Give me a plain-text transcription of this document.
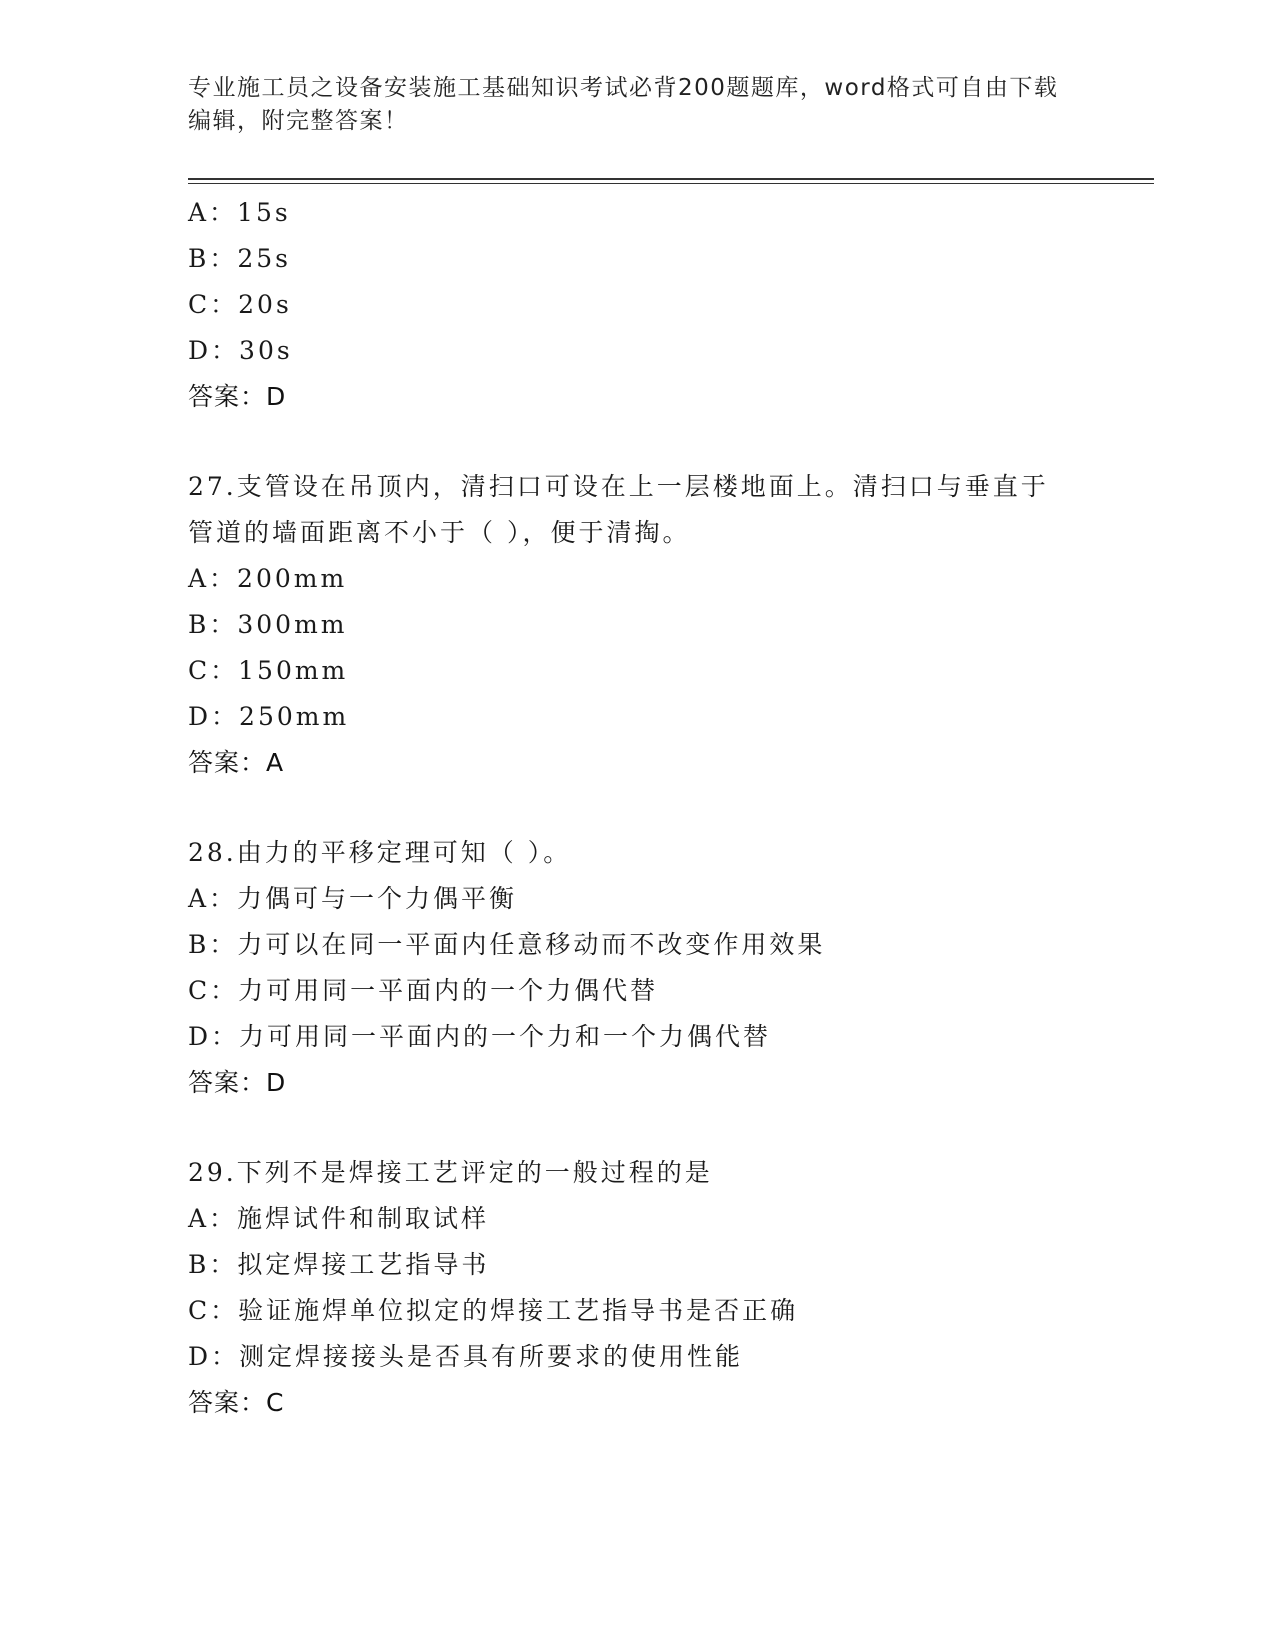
专业施工员之设备安装施工基础知识考试必背200题题库，word格式可自由下载
编辑，附完整答案！
A：15s
B：25s
C：20s
D：30s
答案：D
27.支管设在吊顶内，清扫口可设在上一层楼地面上。清扫口与垂直于
管道的墙面距离不小于（ ），便于清掏。
A：200mm
B：300mm
C：150mm
D：250mm
答案：A
28.由力的平移定理可知（ ）。
A：力偶可与一个力偶平衡
B：力可以在同一平面内任意移动而不改变作用效果
C：力可用同一平面内的一个力偶代替
D：力可用同一平面内的一个力和一个力偶代替
答案：D
29.下列不是焊接工艺评定的一般过程的是
A：施焊试件和制取试样
B：拟定焊接工艺指导书
C：验证施焊单位拟定的焊接工艺指导书是否正确
D：测定焊接接头是否具有所要求的使用性能
答案：C
